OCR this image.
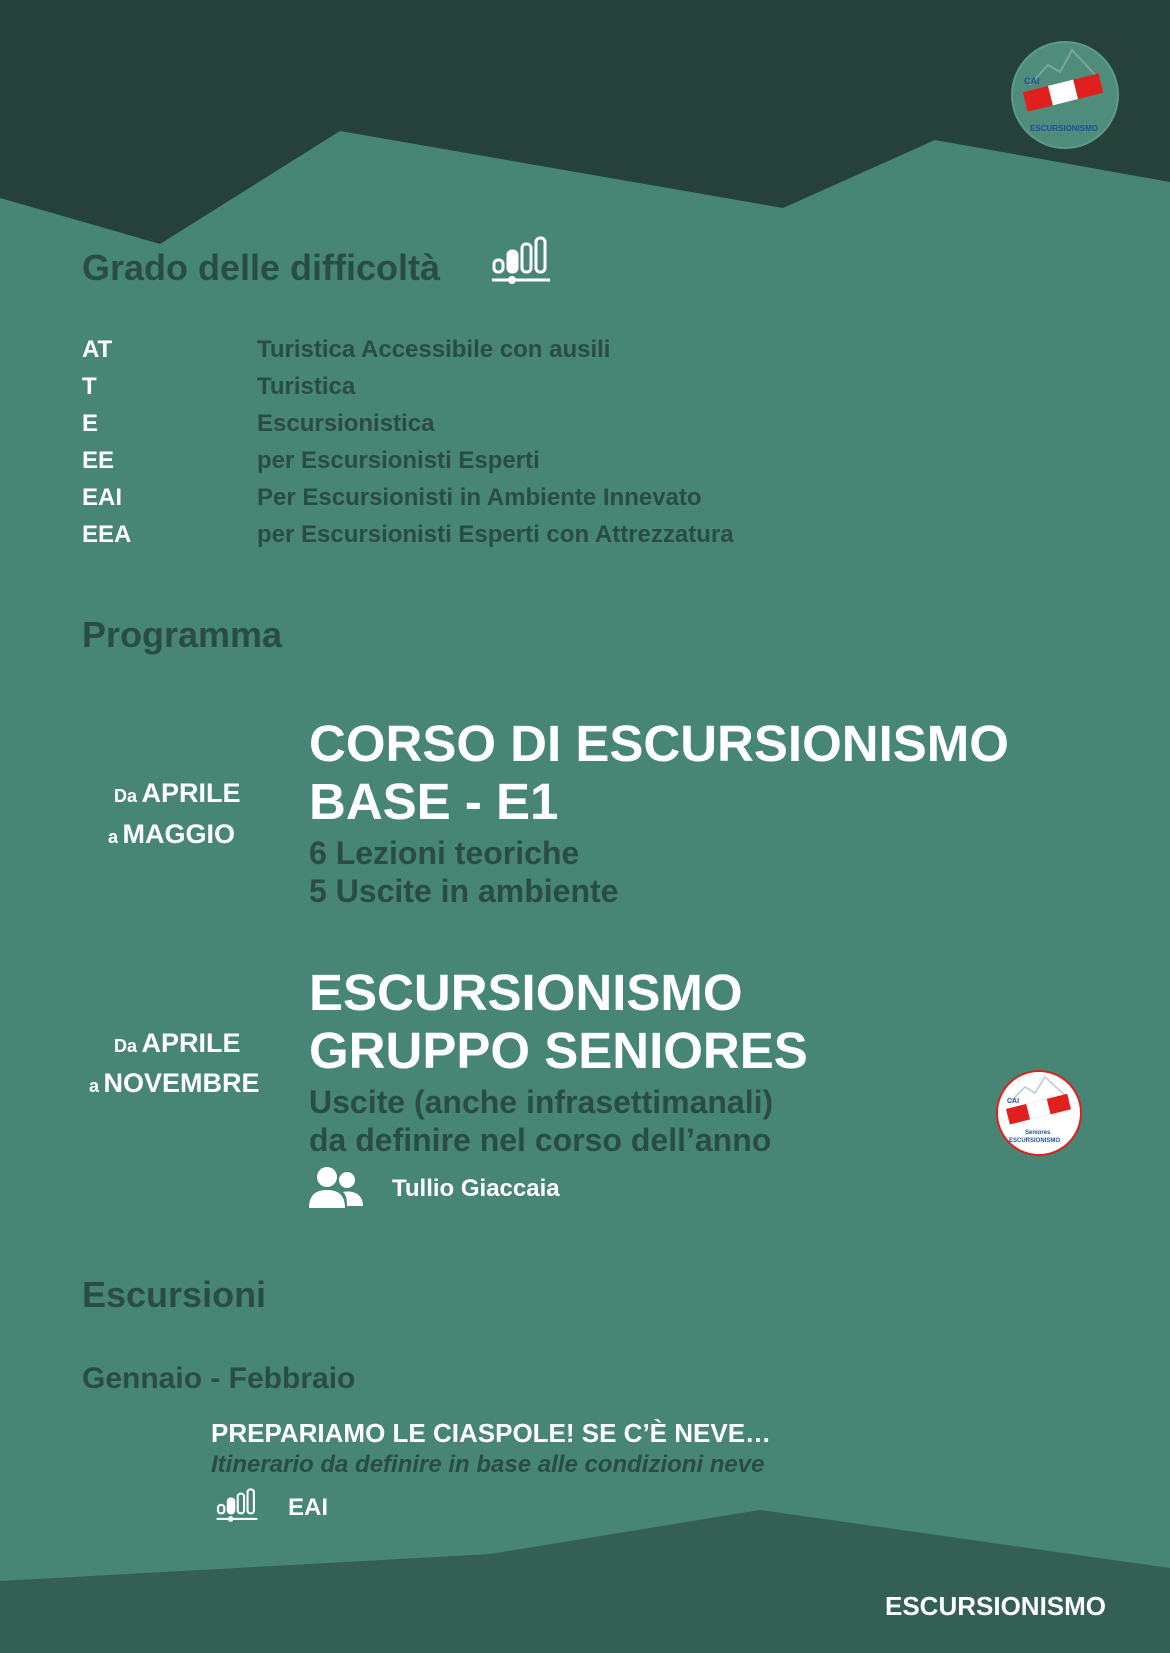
CAI
ESCURSIONISMO
Grado delle difficoltà
AT	Turistica Accessibile con ausili
T	Turistica
E	Escursionistica
EE	per Escursionisti Esperti
EAI	Per Escursionisti in Ambiente Innevato
EEA	per Escursionisti Esperti con Attrezzatura
Programma
Da APRILE
a MAGGIO
CORSO DI ESCURSIONISMO
BASE - E1
6 Lezioni teoriche
5 Uscite in ambiente
Da APRILE
a NOVEMBRE
ESCURSIONISMO
GRUPPO SENIORES
Uscite (anche infrasettimanali)
da definire nel corso dell’anno
Tullio Giaccaia
CAI
Seniores
ESCURSIONISMO
Escursioni
Gennaio - Febbraio
PREPARIAMO LE CIASPOLE! SE C’È NEVE…
Itinerario da definire in base alle condizioni neve
EAI
ESCURSIONISMO
